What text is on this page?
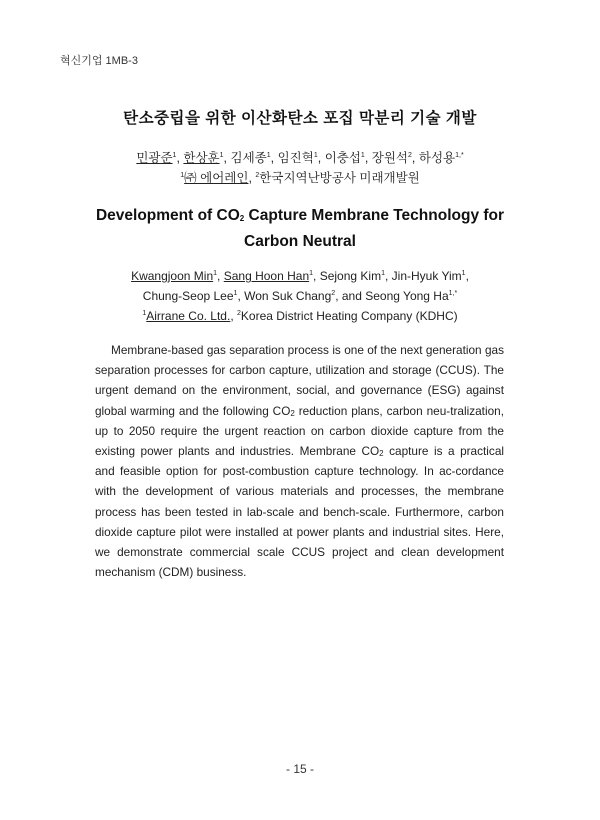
혁신기업 1MB-3
탄소중립을 위한 이산화탄소 포집 막분리 기술 개발
민광준$^1$, 한상훈$^1$, 김세종$^1$, 임진혁$^1$, 이충섭$^1$, 장원석$^2$, 하성용$^{1,*}$
$^1$㈜ 에어레인, $^2$한국지역난방공사 미래개발원
Development of $CO_2$ Capture Membrane Technology for
Carbon Neutral
Kwangjoon Min$^1$, Sang Hoon Han$^1$, Sejong Kim$^1$, Jin-Hyuk Yim$^1$,
Chung-Seop Lee$^1$, Won Suk Chang$^2$, and Seong Yong $Ha^{1,*}$
$^1$Airrane Co. Ltd., $^2$Korea District Heating Company (KDHC)

Membrane-based gas separation process is one of the next generation gas separation processes for carbon capture, utilization and storage (CCUS). The urgent demand on the environment, social, and governance (ESG) against global warming and the following $CO_2$ reduction plans, carbon neu-tralization, up to 2050 require the urgent reaction on carbon dioxide capture from the existing power plants and industries. Membrane $CO_2$ capture is a practical and feasible option for post-combustion capture technology. In ac-cordance with the development of various materials and processes, the membrane process has been tested in lab-scale and bench-scale. Furthermore, carbon dioxide capture pilot were installed at power plants and industrial sites. Here, we demonstrate commercial scale CCUS project and clean development mechanism (CDM) business.

- 15 -
